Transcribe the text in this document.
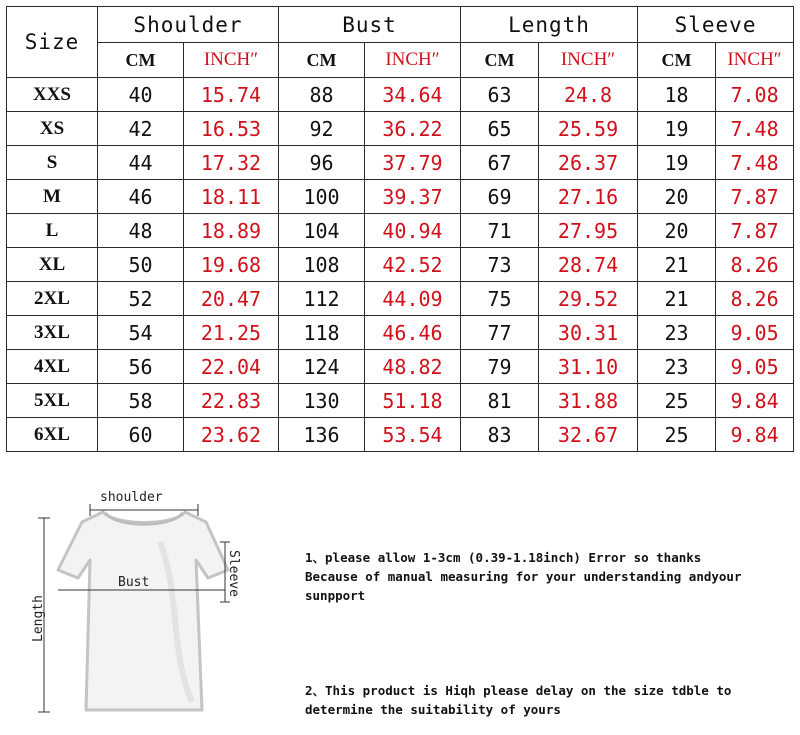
Size	Shoulder		Bust		Length		Sleeve	
	CM	INCH″	CM	INCH″	CM	INCH″	CM	INCH″
XXS	40	15.74	88	34.64	63	24.8	18	7.08
XS	42	16.53	92	36.22	65	25.59	19	7.48
S	44	17.32	96	37.79	67	26.37	19	7.48
M	46	18.11	100	39.37	69	27.16	20	7.87
L	48	18.89	104	40.94	71	27.95	20	7.87
XL	50	19.68	108	42.52	73	28.74	21	8.26
2XL	52	20.47	112	44.09	75	29.52	21	8.26
3XL	54	21.25	118	46.46	77	30.31	23	9.05
4XL	56	22.04	124	48.82	79	31.10	23	9.05
5XL	58	22.83	130	51.18	81	31.88	25	9.84
6XL	60	23.62	136	53.54	83	32.67	25	9.84
shoulder
Bust
Length
Sleeve	1、please allow 1-3cm (0.39-1.18inch) Error so thanks
Because of manual measuring for your understanding andyour
sunpport
2、This product is Hiqh please delay on the size tdble to
determine the suitability of yours
